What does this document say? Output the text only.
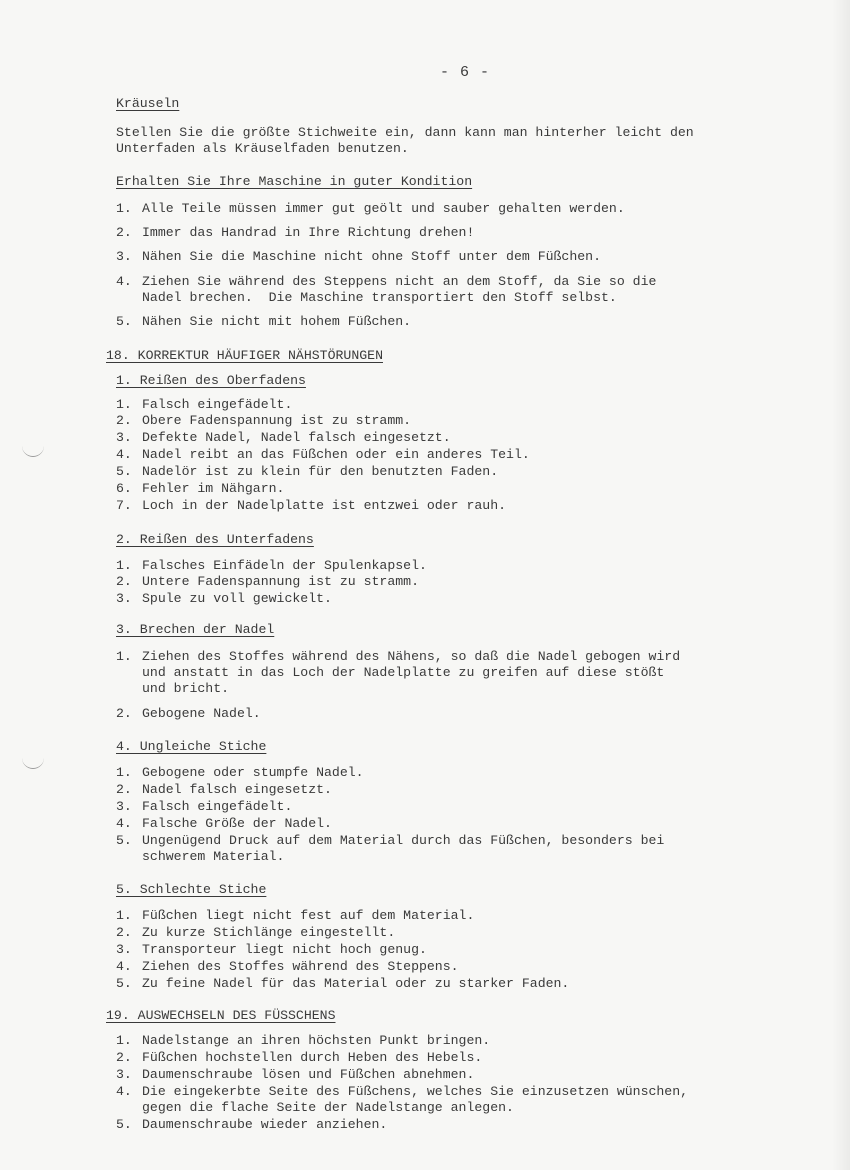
- 6 -
Kräuseln
Stellen Sie die größte Stichweite ein, dann kann man hinterher leicht den
Unterfaden als Kräuselfaden benutzen.
Erhalten Sie Ihre Maschine in guter Kondition
1. Alle Teile müssen immer gut geölt und sauber gehalten werden.
2. Immer das Handrad in Ihre Richtung drehen!
3. Nähen Sie die Maschine nicht ohne Stoff unter dem Füßchen.
4. Ziehen Sie während des Steppens nicht an dem Stoff, da Sie so die
Nadel brechen.  Die Maschine transportiert den Stoff selbst.
5. Nähen Sie nicht mit hohem Füßchen.
18. KORREKTUR HÄUFIGER NÄHSTÖRUNGEN
1. Reißen des Oberfadens
1. Falsch eingefädelt.
2. Obere Fadenspannung ist zu stramm.
3. Defekte Nadel, Nadel falsch eingesetzt.
4. Nadel reibt an das Füßchen oder ein anderes Teil.
5. Nadelör ist zu klein für den benutzten Faden.
6. Fehler im Nähgarn.
7. Loch in der Nadelplatte ist entzwei oder rauh.
2. Reißen des Unterfadens
1. Falsches Einfädeln der Spulenkapsel.
2. Untere Fadenspannung ist zu stramm.
3. Spule zu voll gewickelt.
3. Brechen der Nadel
1. Ziehen des Stoffes während des Nähens, so daß die Nadel gebogen wird
und anstatt in das Loch der Nadelplatte zu greifen auf diese stößt
und bricht.
2. Gebogene Nadel.
4. Ungleiche Stiche
1. Gebogene oder stumpfe Nadel.
2. Nadel falsch eingesetzt.
3. Falsch eingefädelt.
4. Falsche Größe der Nadel.
5. Ungenügend Druck auf dem Material durch das Füßchen, besonders bei
schwerem Material.
5. Schlechte Stiche
1. Füßchen liegt nicht fest auf dem Material.
2. Zu kurze Stichlänge eingestellt.
3. Transporteur liegt nicht hoch genug.
4. Ziehen des Stoffes während des Steppens.
5. Zu feine Nadel für das Material oder zu starker Faden.
19. AUSWECHSELN DES FÜSSCHENS
1. Nadelstange an ihren höchsten Punkt bringen.
2. Füßchen hochstellen durch Heben des Hebels.
3. Daumenschraube lösen und Füßchen abnehmen.
4. Die eingekerbte Seite des Füßchens, welches Sie einzusetzen wünschen,
gegen die flache Seite der Nadelstange anlegen.
5. Daumenschraube wieder anziehen.
